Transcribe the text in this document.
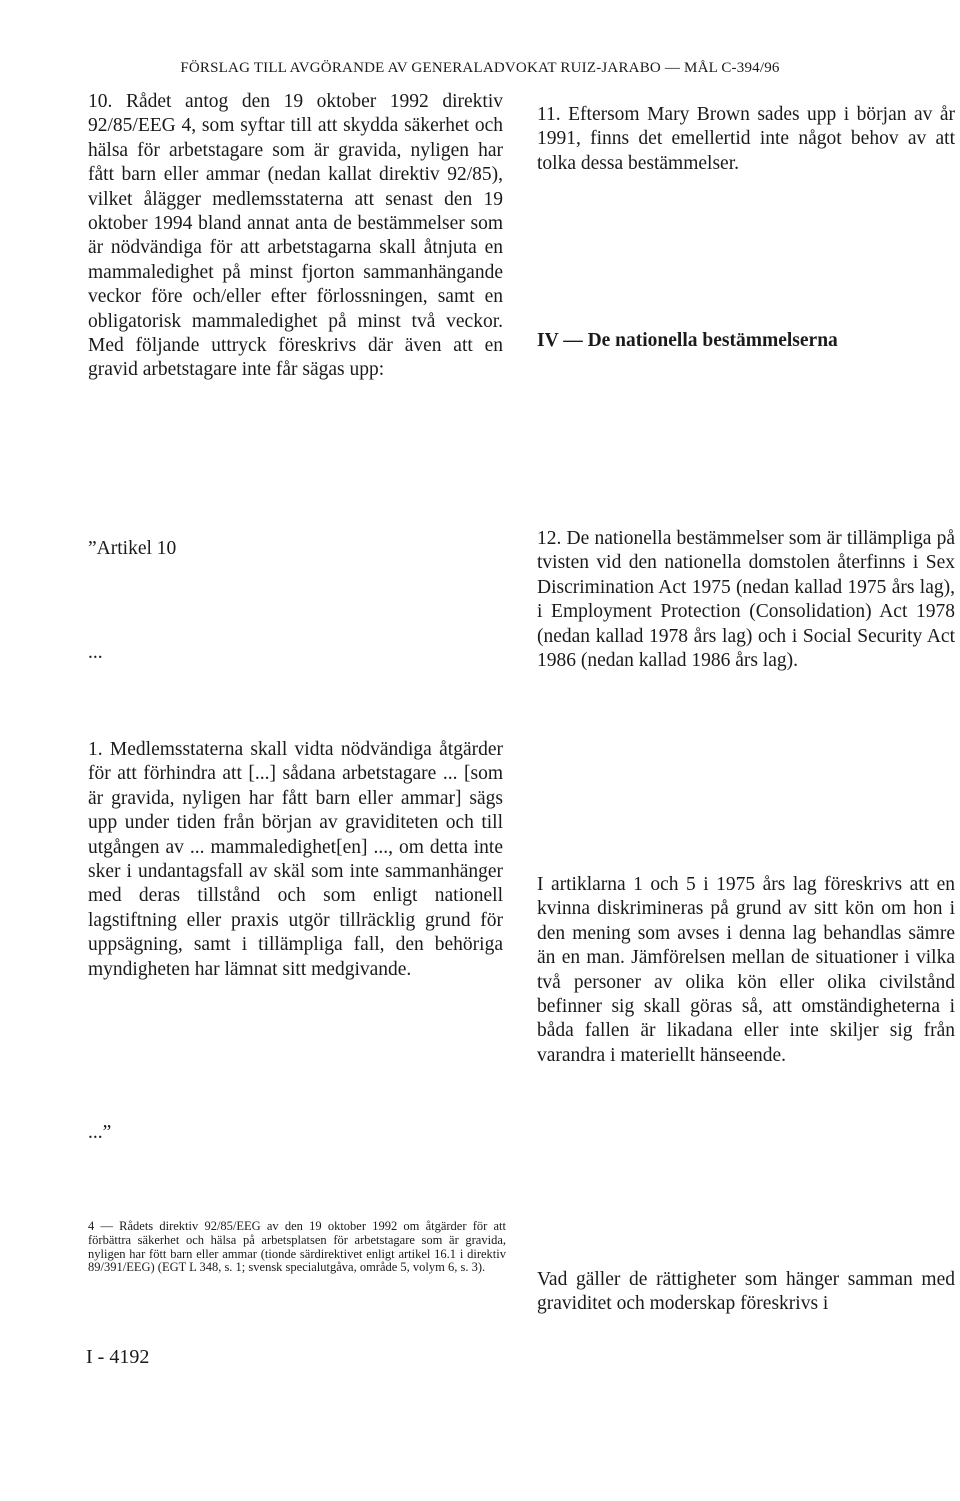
FÖRSLAG TILL AVGÖRANDE AV GENERALADVOKAT RUIZ-JARABO — MÅL C-394/96

10. Rådet antog den 19 oktober 1992 direktiv 92/85/EEG 4, som syftar till att skydda säkerhet och hälsa för arbetstagare som är gravida, nyligen har fått barn eller ammar (nedan kallat direktiv 92/85), vilket ålägger medlemsstaterna att senast den 19 oktober 1994 bland annat anta de bestämmelser som är nödvändiga för att arbetstagarna skall åtnjuta en mammaledighet på minst fjorton sammanhängande veckor före och/eller efter förlossningen, samt en obligatorisk mammaledighet på minst två veckor. Med följande uttryck föreskrivs där även att en gravid arbetstagare inte får sägas upp:

”Artikel 10
...

1. Medlemsstaterna skall vidta nödvändiga åtgärder för att förhindra att [...] sådana arbetstagare ... [som är gravida, nyligen har fått barn eller ammar] sägs upp under tiden från början av graviditeten och till utgången av ... mammaledighet[en] ..., om detta inte sker i undantagsfall av skäl som inte sammanhänger med deras tillstånd och som enligt nationell lagstiftning eller praxis utgör tillräcklig grund för uppsägning, samt i tillämpliga fall, den behöriga myndigheten har lämnat sitt medgivande.

...”

4 — Rådets direktiv 92/85/EEG av den 19 oktober 1992 om åtgärder för att förbättra säkerhet och hälsa på arbetsplatsen för arbetstagare som är gravida, nyligen har fött barn eller ammar (tionde särdirektivet enligt artikel 16.1 i direktiv 89/391/EEG) (EGT L 348, s. 1; svensk specialutgåva, område 5, volym 6, s. 3).

I - 4192

11. Eftersom Mary Brown sades upp i början av år 1991, finns det emellertid inte något behov av att tolka dessa bestämmelser.

IV — De nationella bestämmelserna

12. De nationella bestämmelser som är tillämpliga på tvisten vid den nationella domstolen återfinns i Sex Discrimination Act 1975 (nedan kallad 1975 års lag), i Employment Protection (Consolidation) Act 1978 (nedan kallad 1978 års lag) och i Social Security Act 1986 (nedan kallad 1986 års lag).

I artiklarna 1 och 5 i 1975 års lag föreskrivs att en kvinna diskrimineras på grund av sitt kön om hon i den mening som avses i denna lag behandlas sämre än en man. Jämförelsen mellan de situationer i vilka två personer av olika kön eller olika civilstånd befinner sig skall göras så, att omständigheterna i båda fallen är likadana eller inte skiljer sig från varandra i materiellt hänseende.

Vad gäller de rättigheter som hänger samman med graviditet och moderskap föreskrivs i
